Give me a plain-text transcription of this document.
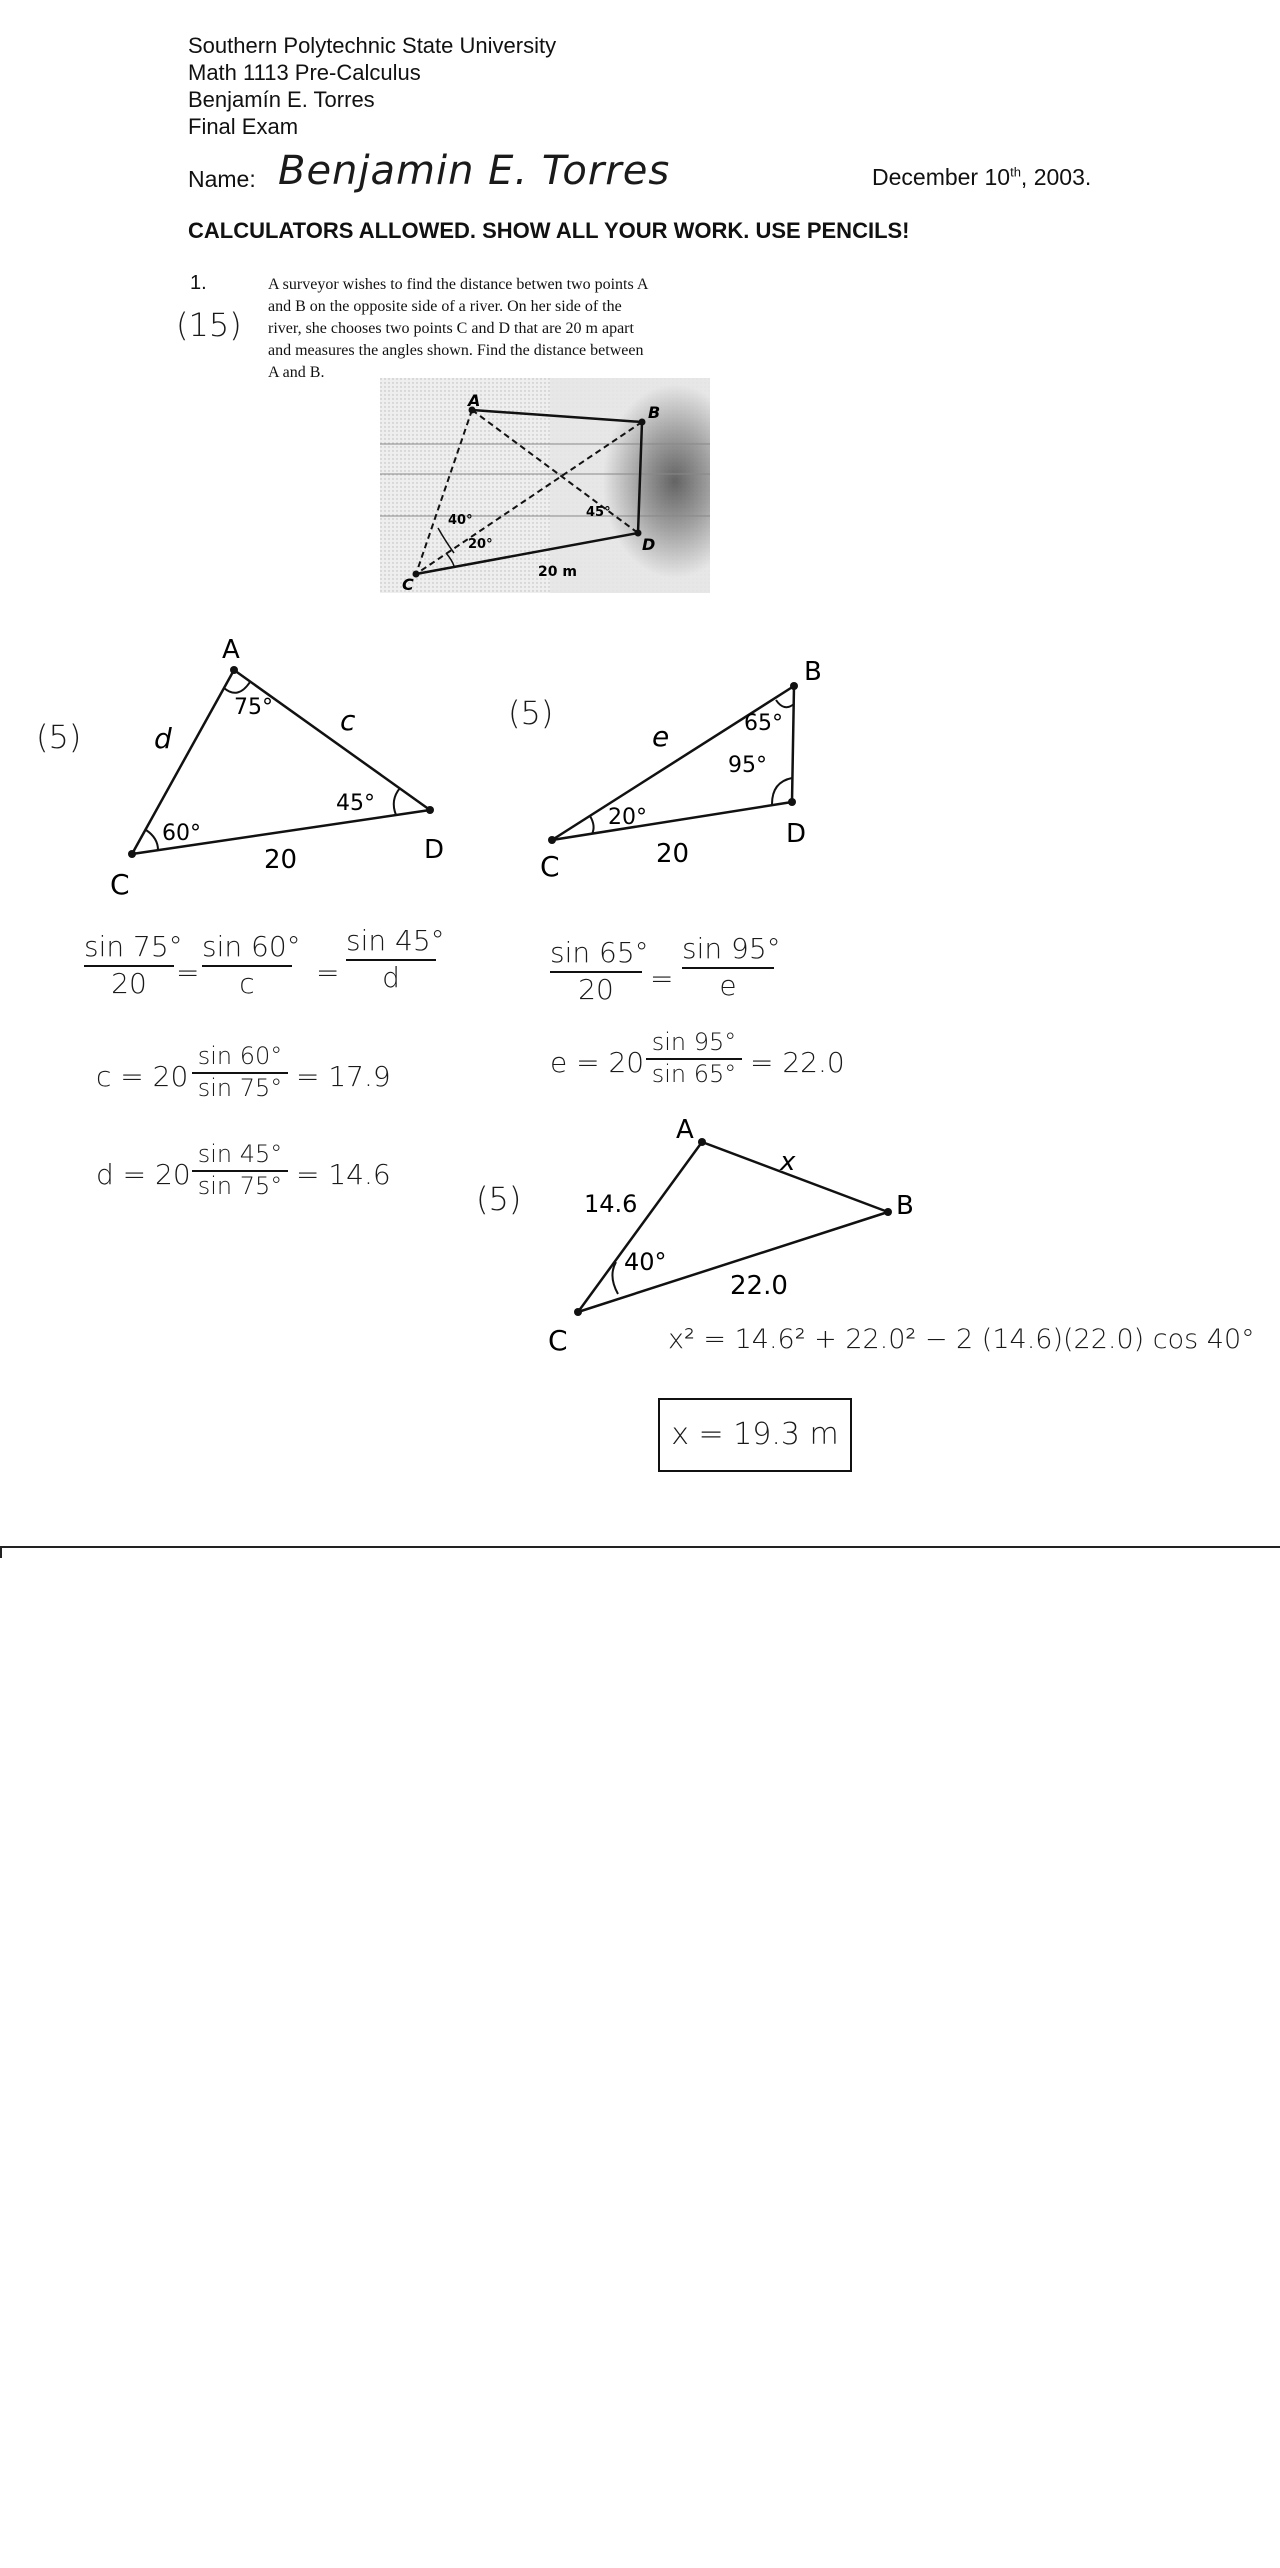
Southern Polytechnic State University
Math 1113 Pre-Calculus
Benjamín E. Torres
Final Exam
Name: Benjamin E. Torres	December 10th, 2003.
CALCULATORS ALLOWED. SHOW ALL YOUR WORK. USE PENCILS!
1.
(15)
A surveyor wishes to find the distance betwen two points A
and B on the opposite side of a river. On her side of the
river, she chooses two points C and D that are 20 m apart
and measures the angles shown. Find the distance between
A and B.
A
B
C
D
40°
20°
45°
20 m
(5)
A
C
D
d
c
20
75°
60°
45°
(5)
B
C
D
e
20
65°
95°
20°
$\frac{\sin 75^\circ}{20} = \frac{\sin 60^\circ}{c} = \frac{\sin 45^\circ}{d}$	$\frac{\sin 65^\circ}{20} = \frac{\sin 95^\circ}{e}$
$c = 20 \frac{\sin 60^\circ}{\sin 75^\circ} = 17.9$	$e = 20 \frac{\sin 95^\circ}{\sin 65^\circ} = 22.0$
$d = 20 \frac{\sin 45^\circ}{\sin 75^\circ} = 14.6$
(5)
A
B
C
14.6
x
22.0
40°
x² = 14.6² + 22.0² − 2 (14.6)(22.0) cos 40°
x = 19.3 m
